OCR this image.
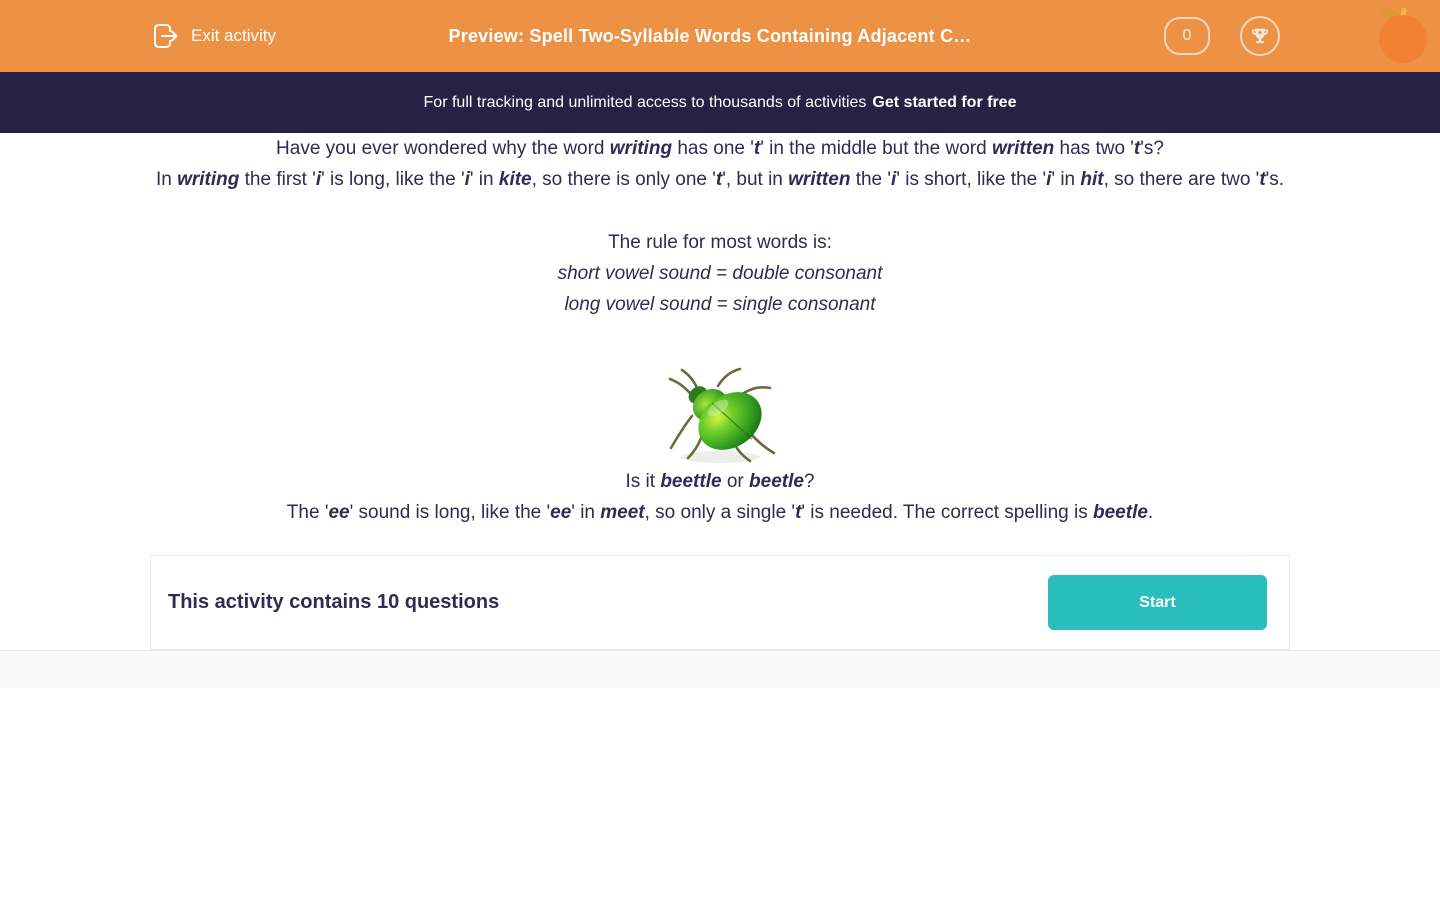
Exit activity	Preview: Spell Two-Syllable Words Containing Adjacent C…	0
For full tracking and unlimited access to thousands of activities Get started for free

Have you ever wondered why the word writing has one 't' in the middle but the word written has two 't's?

In writing the first 'i' is long, like the 'i' in kite, so there is only one 't', but in written the 'i' is short, like the 'i' in hit, so there are two 't's.

The rule for most words is:

short vowel sound = double consonant

long vowel sound = single consonant

Is it beettle or beetle?

The 'ee' sound is long, like the 'ee' in meet, so only a single 't' is needed. The correct spelling is beetle.

This activity contains 10 questions	Start
